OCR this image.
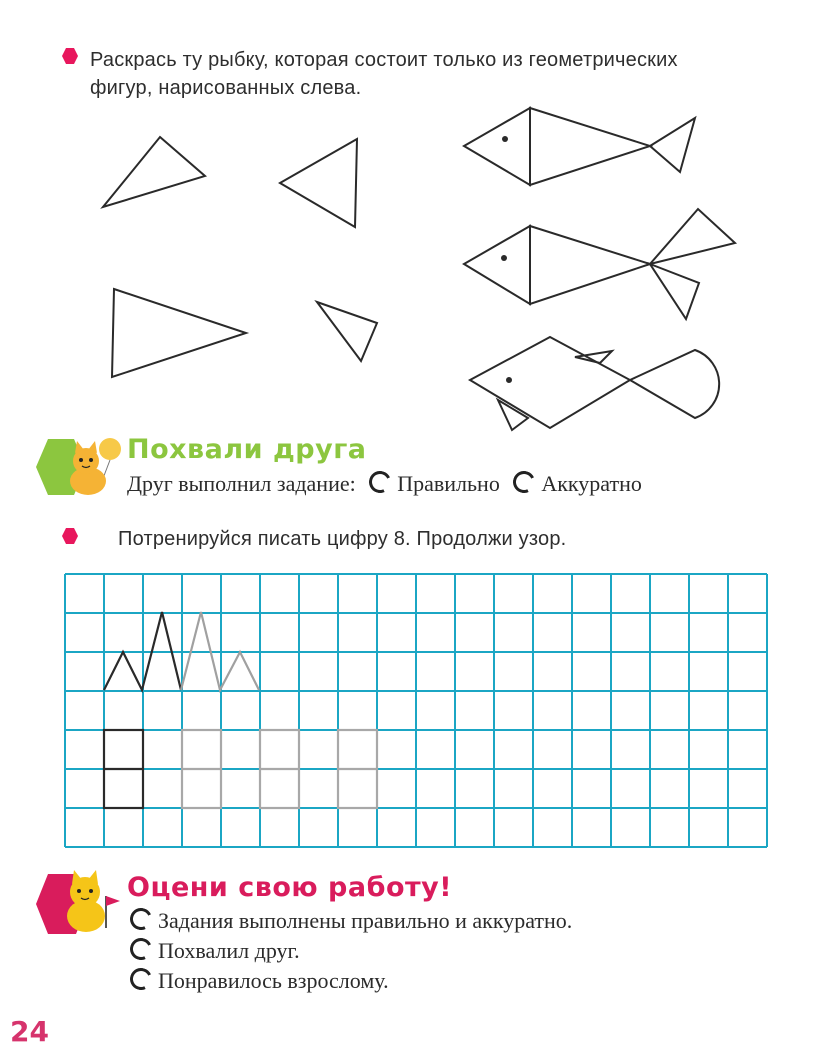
Раскрась ту рыбку, которая состоит только из геометрических
фигур, нарисованных слева.
Похвали друга
Друг выполнил задание: Правильно Аккуратно
Потренируйся писать цифру 8. Продолжи узор.
Оцени свою работу!
Задания выполнены правильно и аккуратно.
Похвалил друг.
Понравилось взрослому.
24
